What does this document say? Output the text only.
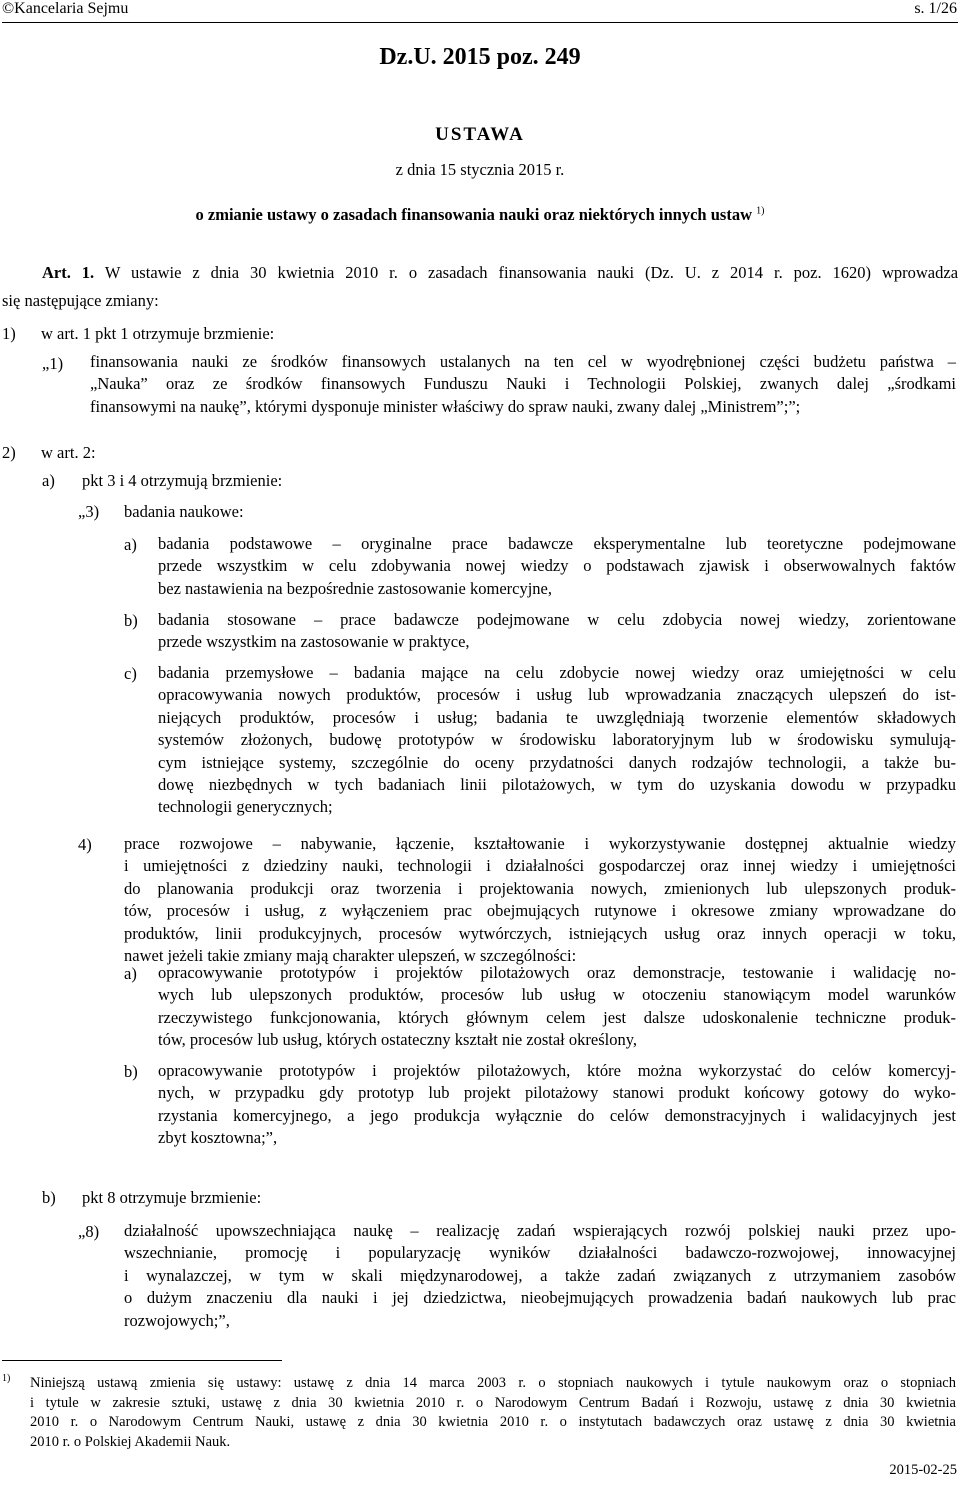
©Kancelaria Sejmu	s. 1/26
Dz.U. 2015 poz. 249
USTAWA
z dnia 15 stycznia 2015 r.
o zmianie ustawy o zasadach finansowania nauki oraz niektórych innych ustaw $^{1)}$
Art. 1. W ustawie z dnia 30 kwietnia 2010 r. o zasadach finansowania nauki (Dz. U. z 2014 r. poz. 1620) wprowadza
się następujące zmiany:
1) w art. 1 pkt 1 otrzymuje brzmienie:
„1) finansowania nauki ze środków finansowych ustalanych na ten cel w wyodrębnionej części budżetu państwa –
„Nauka” oraz ze środków finansowych Funduszu Nauki i Technologii Polskiej, zwanych dalej „środkami
finansowymi na naukę”, którymi dysponuje minister właściwy do spraw nauki, zwany dalej „Ministrem”;”;
2) w art. 2:
a) pkt 3 i 4 otrzymują brzmienie:
„3) badania naukowe:
a) badania podstawowe – oryginalne prace badawcze eksperymentalne lub teoretyczne podejmowane
przede wszystkim w celu zdobywania nowej wiedzy o podstawach zjawisk i obserwowalnych faktów
bez nastawienia na bezpośrednie zastosowanie komercyjne,
b) badania stosowane – prace badawcze podejmowane w celu zdobycia nowej wiedzy, zorientowane
przede wszystkim na zastosowanie w praktyce,
c) badania przemysłowe – badania mające na celu zdobycie nowej wiedzy oraz umiejętności w celu
opracowywania nowych produktów, procesów i usług lub wprowadzania znaczących ulepszeń do ist-
niejących produktów, procesów i usług; badania te uwzględniają tworzenie elementów składowych
systemów złożonych, budowę prototypów w środowisku laboratoryjnym lub w środowisku symulują-
cym istniejące systemy, szczególnie do oceny przydatności danych rodzajów technologii, a także bu-
dowę niezbędnych w tych badaniach linii pilotażowych, w tym do uzyskania dowodu w przypadku
technologii generycznych;
4) prace rozwojowe – nabywanie, łączenie, kształtowanie i wykorzystywanie dostępnej aktualnie wiedzy
i umiejętności z dziedziny nauki, technologii i działalności gospodarczej oraz innej wiedzy i umiejętności
do planowania produkcji oraz tworzenia i projektowania nowych, zmienionych lub ulepszonych produk-
tów, procesów i usług, z wyłączeniem prac obejmujących rutynowe i okresowe zmiany wprowadzane do
produktów, linii produkcyjnych, procesów wytwórczych, istniejących usług oraz innych operacji w toku,
nawet jeżeli takie zmiany mają charakter ulepszeń, w szczególności:
a) opracowywanie prototypów i projektów pilotażowych oraz demonstracje, testowanie i walidację no-
wych lub ulepszonych produktów, procesów lub usług w otoczeniu stanowiącym model warunków
rzeczywistego funkcjonowania, których głównym celem jest dalsze udoskonalenie techniczne produk-
tów, procesów lub usług, których ostateczny kształt nie został określony,
b) opracowywanie prototypów i projektów pilotażowych, które można wykorzystać do celów komercyj-
nych, w przypadku gdy prototyp lub projekt pilotażowy stanowi produkt końcowy gotowy do wyko-
rzystania komercyjnego, a jego produkcja wyłącznie do celów demonstracyjnych i walidacyjnych jest
zbyt kosztowna;”,
b) pkt 8 otrzymuje brzmienie:
„8) działalność upowszechniająca naukę – realizację zadań wspierających rozwój polskiej nauki przez upo-
wszechnianie, promocję i popularyzację wyników działalności badawczo-rozwojowej, innowacyjnej
i wynalazczej, w tym w skali międzynarodowej, a także zadań związanych z utrzymaniem zasobów
o dużym znaczeniu dla nauki i jej dziedzictwa, nieobejmujących prowadzenia badań naukowych lub prac
rozwojowych;”,
1) Niniejszą ustawą zmienia się ustawy: ustawę z dnia 14 marca 2003 r. o stopniach naukowych i tytule naukowym oraz o stopniach
i tytule w zakresie sztuki, ustawę z dnia 30 kwietnia 2010 r. o Narodowym Centrum Badań i Rozwoju, ustawę z dnia 30 kwietnia
2010 r. o Narodowym Centrum Nauki, ustawę z dnia 30 kwietnia 2010 r. o instytutach badawczych oraz ustawę z dnia 30 kwietnia
2010 r. o Polskiej Akademii Nauk.
2015-02-25
